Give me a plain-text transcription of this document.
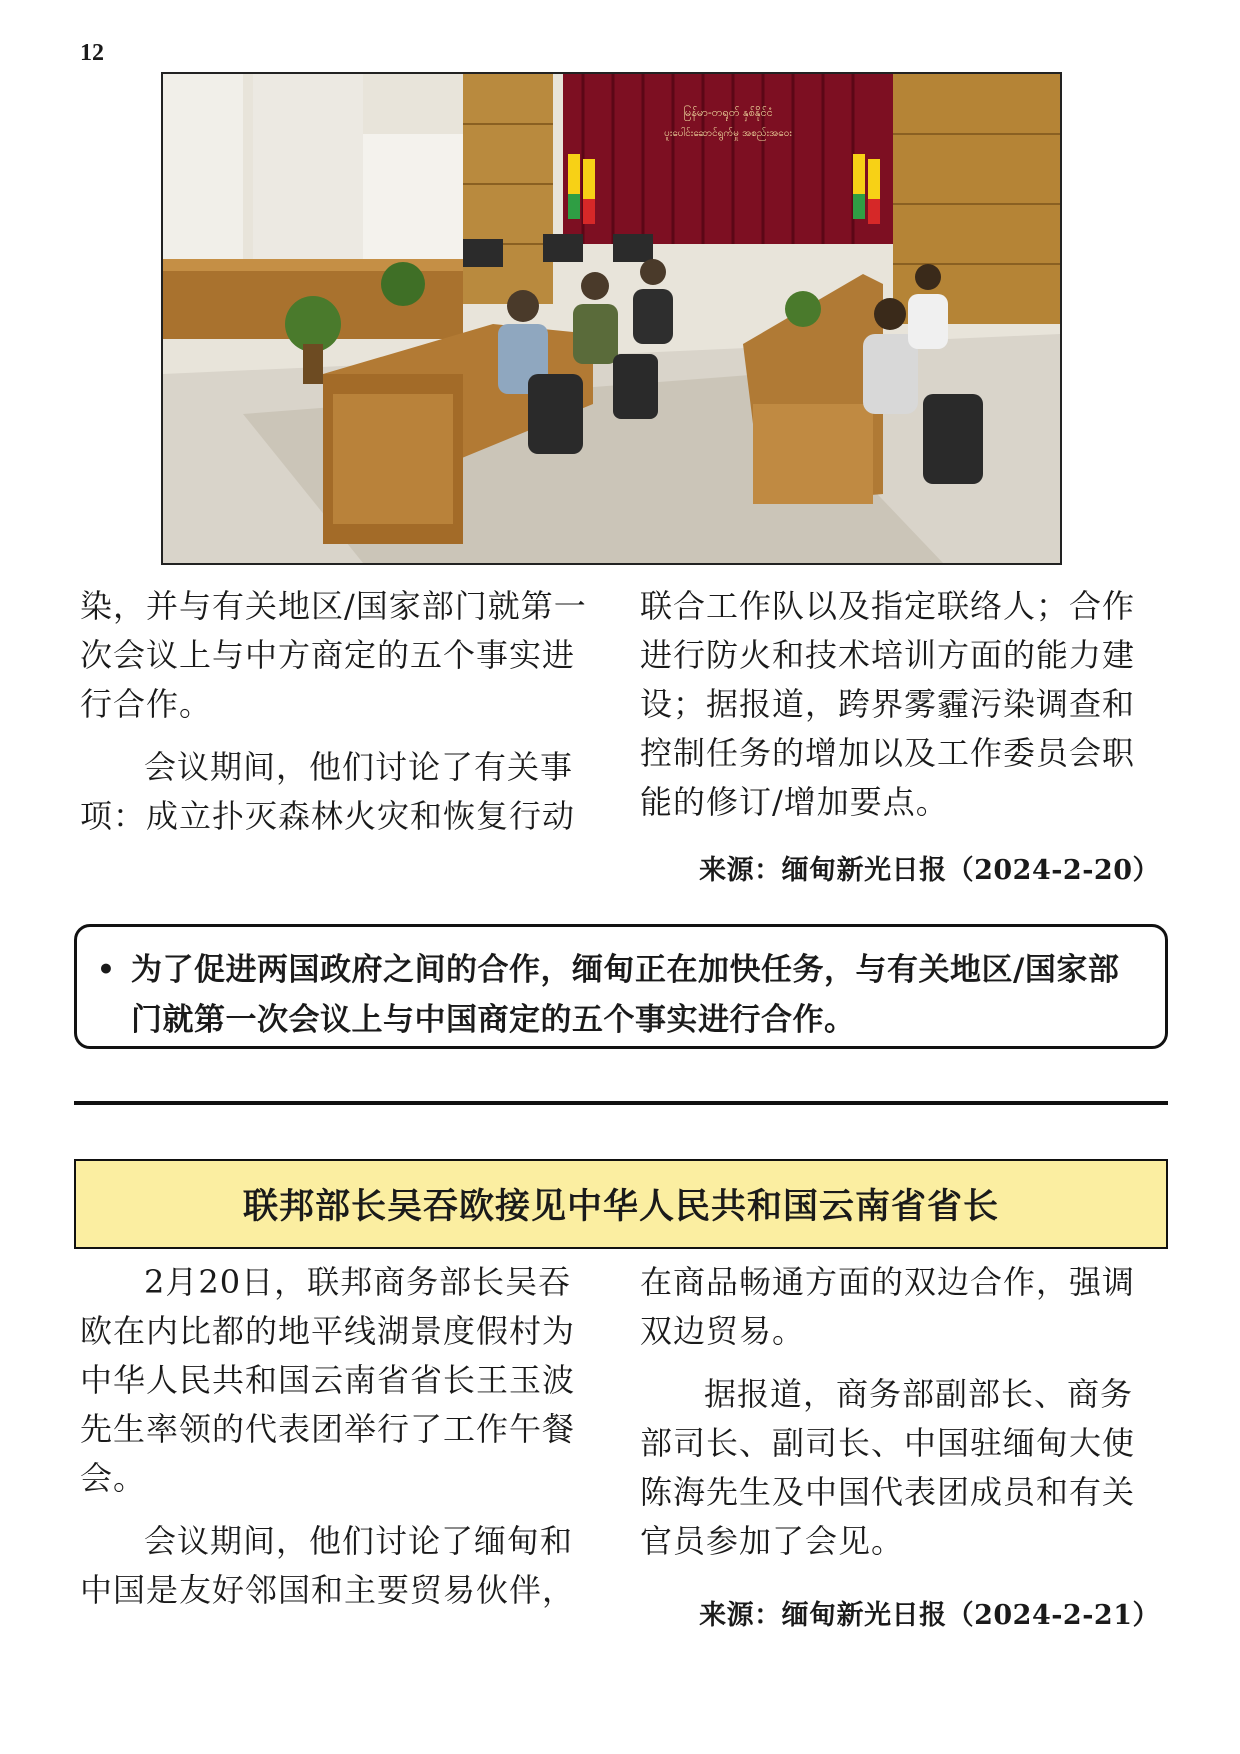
12
မြန်မာ-တရုတ် နှစ်နိုင်ငံ
ပူးပေါင်းဆောင်ရွက်မှု အစည်းအဝေး

染，并与有关地区/国家部门就第一次会议上与中方商定的五个事实进行合作。

会议期间，他们讨论了有关事项：成立扑灭森林火灾和恢复行动

联合工作队以及指定联络人；合作进行防火和技术培训方面的能力建设；据报道，跨界雾霾污染调查和控制任务的增加以及工作委员会职能的修订/增加要点。

来源：缅甸新光日报（2024-2-20）
• 为了促进两国政府之间的合作，缅甸正在加快任务，与有关地区/国家部门就第一次会议上与中国商定的五个事实进行合作。
联邦部长吴吞欧接见中华人民共和国云南省省长

2月20日，联邦商务部长吴吞欧在内比都的地平线湖景度假村为中华人民共和国云南省省长王玉波先生率领的代表团举行了工作午餐会。

会议期间，他们讨论了缅甸和中国是友好邻国和主要贸易伙伴，

在商品畅通方面的双边合作，强调双边贸易。

据报道，商务部副部长、商务部司长、副司长、中国驻缅甸大使陈海先生及中国代表团成员和有关官员参加了会见。

来源：缅甸新光日报（2024-2-21）
